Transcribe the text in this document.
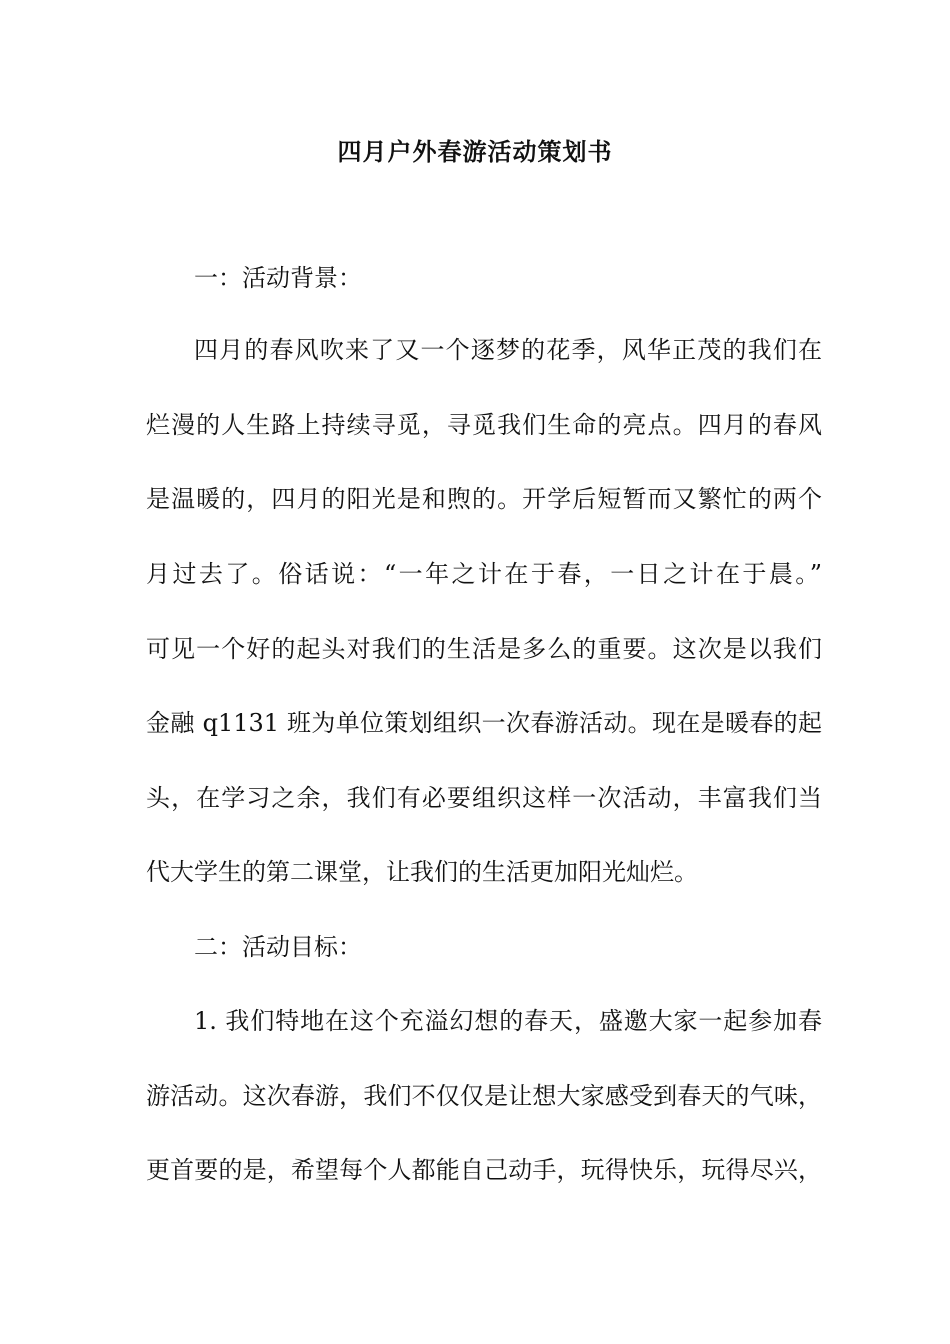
四月户外春游活动策划书
一：活动背景：
四月的春风吹来了又一个逐梦的花季，风华正茂的我们在
烂漫的人生路上持续寻觅，寻觅我们生命的亮点。四月的春风
是温暖的，四月的阳光是和煦的。开学后短暂而又繁忙的两个
月过去了。俗话说：“一年之计在于春，一日之计在于晨。”
可见一个好的起头对我们的生活是多么的重要。这次是以我们
金融 q1131 班为单位策划组织一次春游活动。现在是暖春的起
头，在学习之余，我们有必要组织这样一次活动，丰富我们当
代大学生的第二课堂，让我们的生活更加阳光灿烂。
二：活动目标：
1. 我们特地在这个充溢幻想的春天，盛邀大家一起参加春
游活动。这次春游，我们不仅仅是让想大家感受到春天的气味，
更首要的是，希望每个人都能自己动手，玩得快乐，玩得尽兴，
